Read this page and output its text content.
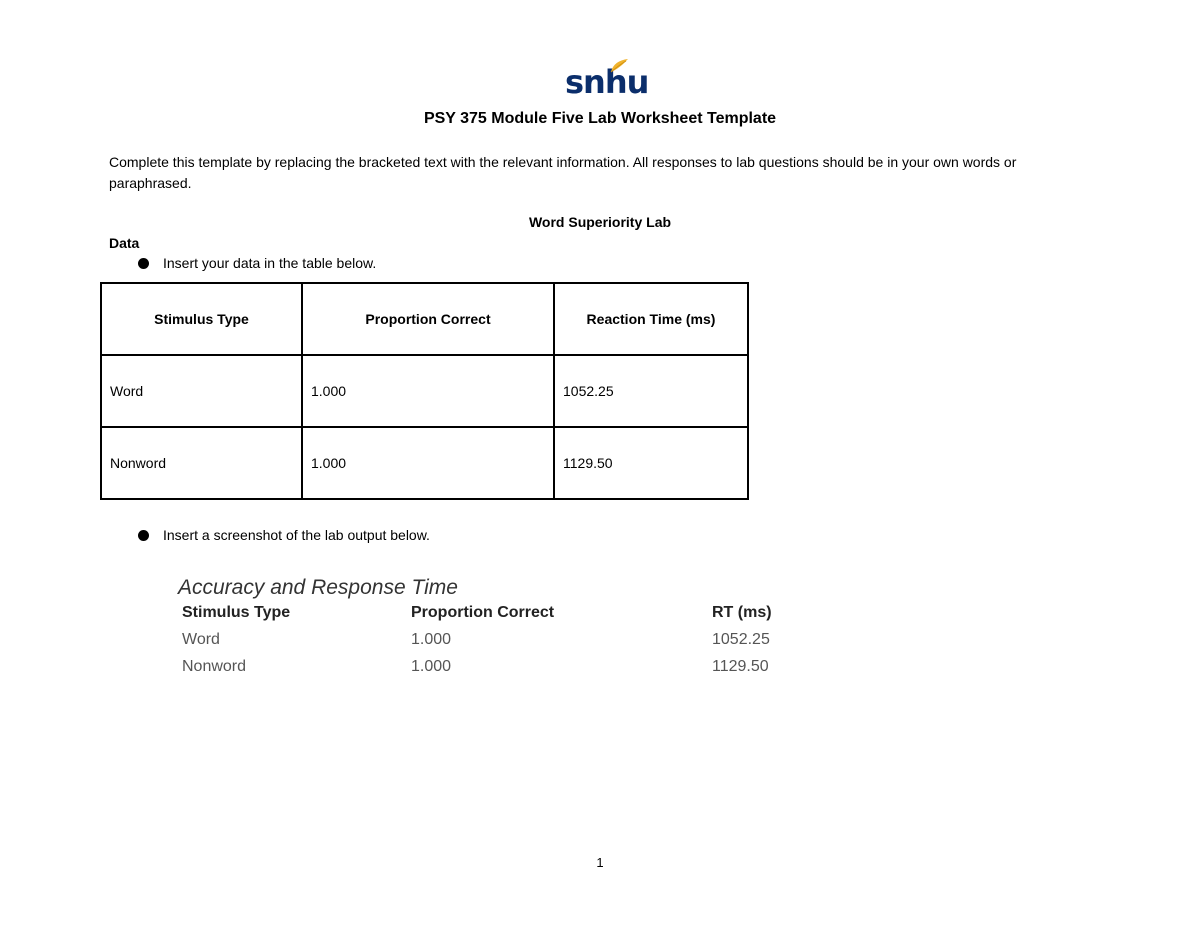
snhu
PSY 375 Module Five Lab Worksheet Template
Complete this template by replacing the bracketed text with the relevant information. All responses to lab questions should be in your own words or paraphrased.
Word Superiority Lab
Data
Insert your data in the table below.
Stimulus Type	Proportion Correct	Reaction Time (ms)
Word	1.000	1052.25
Nonword	1.000	1129.50
Insert a screenshot of the lab output below.
Accuracy and Response Time
Stimulus Type	Proportion Correct	RT (ms)
Word	1.000	1052.25
Nonword	1.000	1129.50
1
